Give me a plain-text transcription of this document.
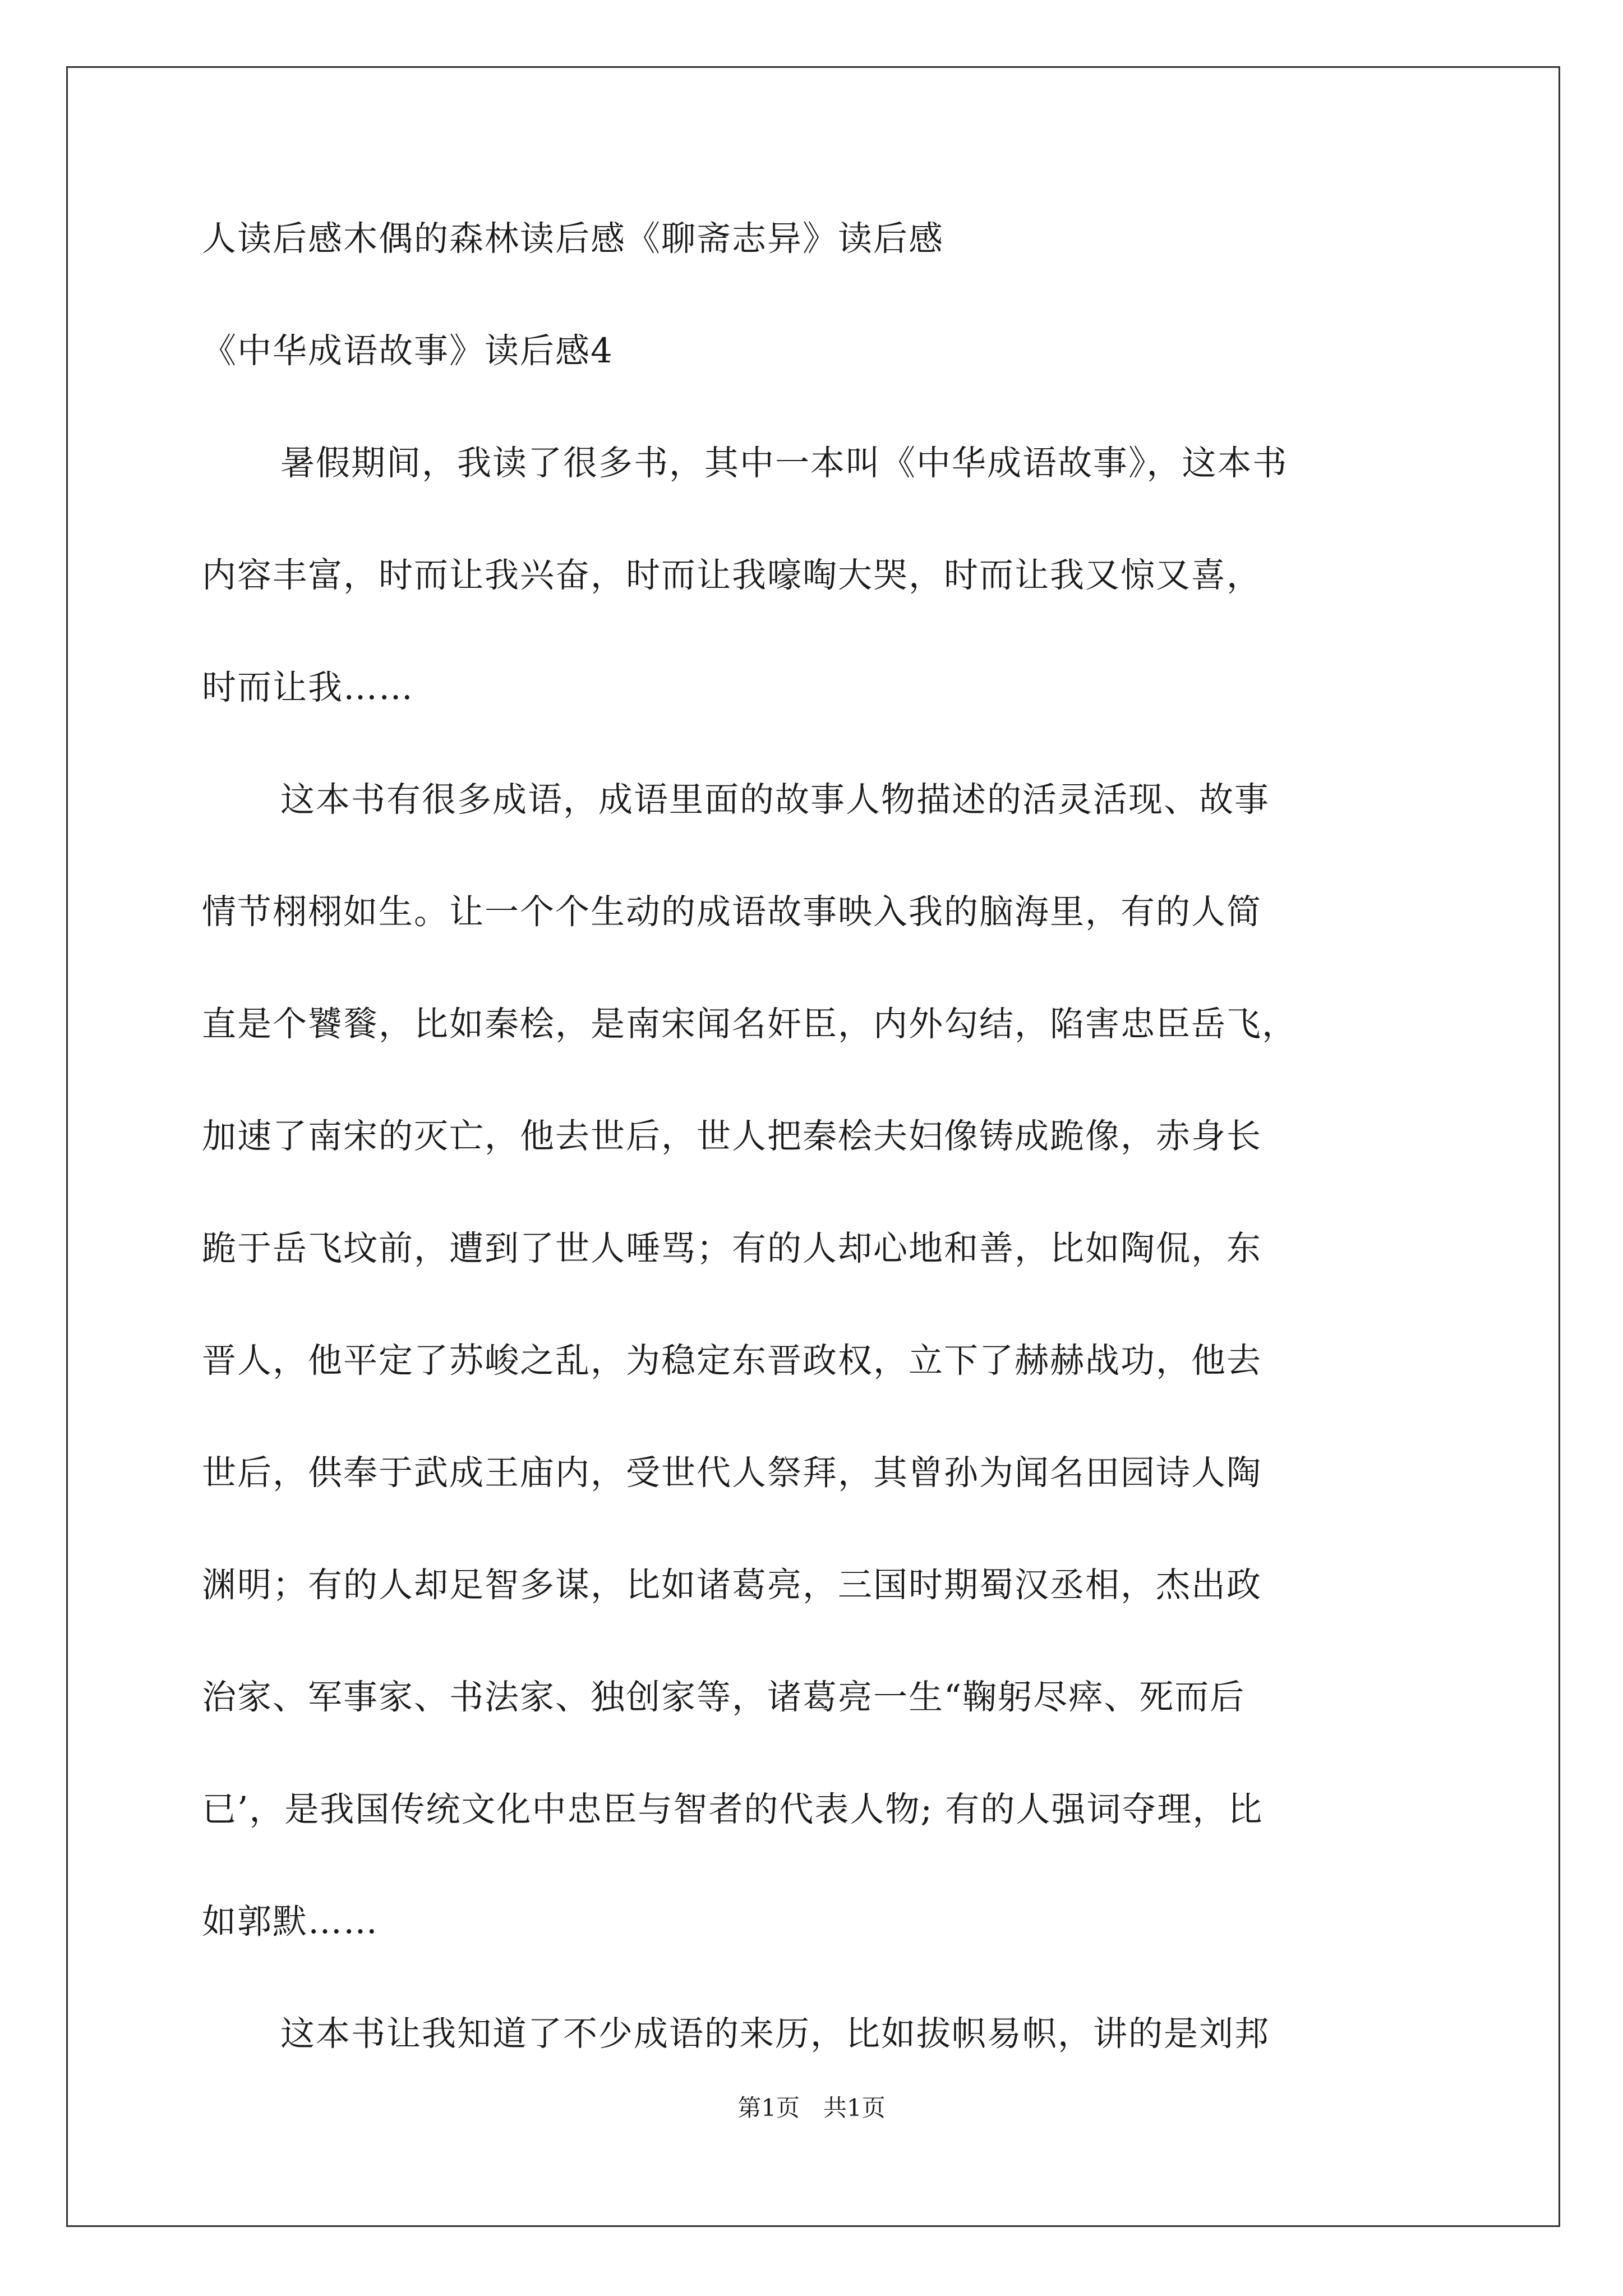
人读后感木偶的森林读后感《聊斋志异》读后感
《中华成语故事》读后感4
暑假期间，我读了很多书，其中一本叫《中华成语故事》，这本书
内容丰富，时而让我兴奋，时而让我嚎啕大哭，时而让我又惊又喜，
时而让我……
这本书有很多成语，成语里面的故事人物描述的活灵活现、故事
情节栩栩如生。让一个个生动的成语故事映入我的脑海里，有的人简
直是个饕餮，比如秦桧，是南宋闻名奸臣，内外勾结，陷害忠臣岳飞，
加速了南宋的灭亡，他去世后，世人把秦桧夫妇像铸成跪像，赤身长
跪于岳飞坟前，遭到了世人唾骂；有的人却心地和善，比如陶侃，东
晋人，他平定了苏峻之乱，为稳定东晋政权，立下了赫赫战功，他去
世后，供奉于武成王庙内，受世代人祭拜，其曾孙为闻名田园诗人陶
渊明；有的人却足智多谋，比如诸葛亮，三国时期蜀汉丞相，杰出政
治家、军事家、书法家、独创家等，诸葛亮一生“鞠躬尽瘁、死而后
已’，是我国传统文化中忠臣与智者的代表人物; 有的人强词夺理，比
如郭默……
这本书让我知道了不少成语的来历，比如拔帜易帜，讲的是刘邦
第1页　共1页
